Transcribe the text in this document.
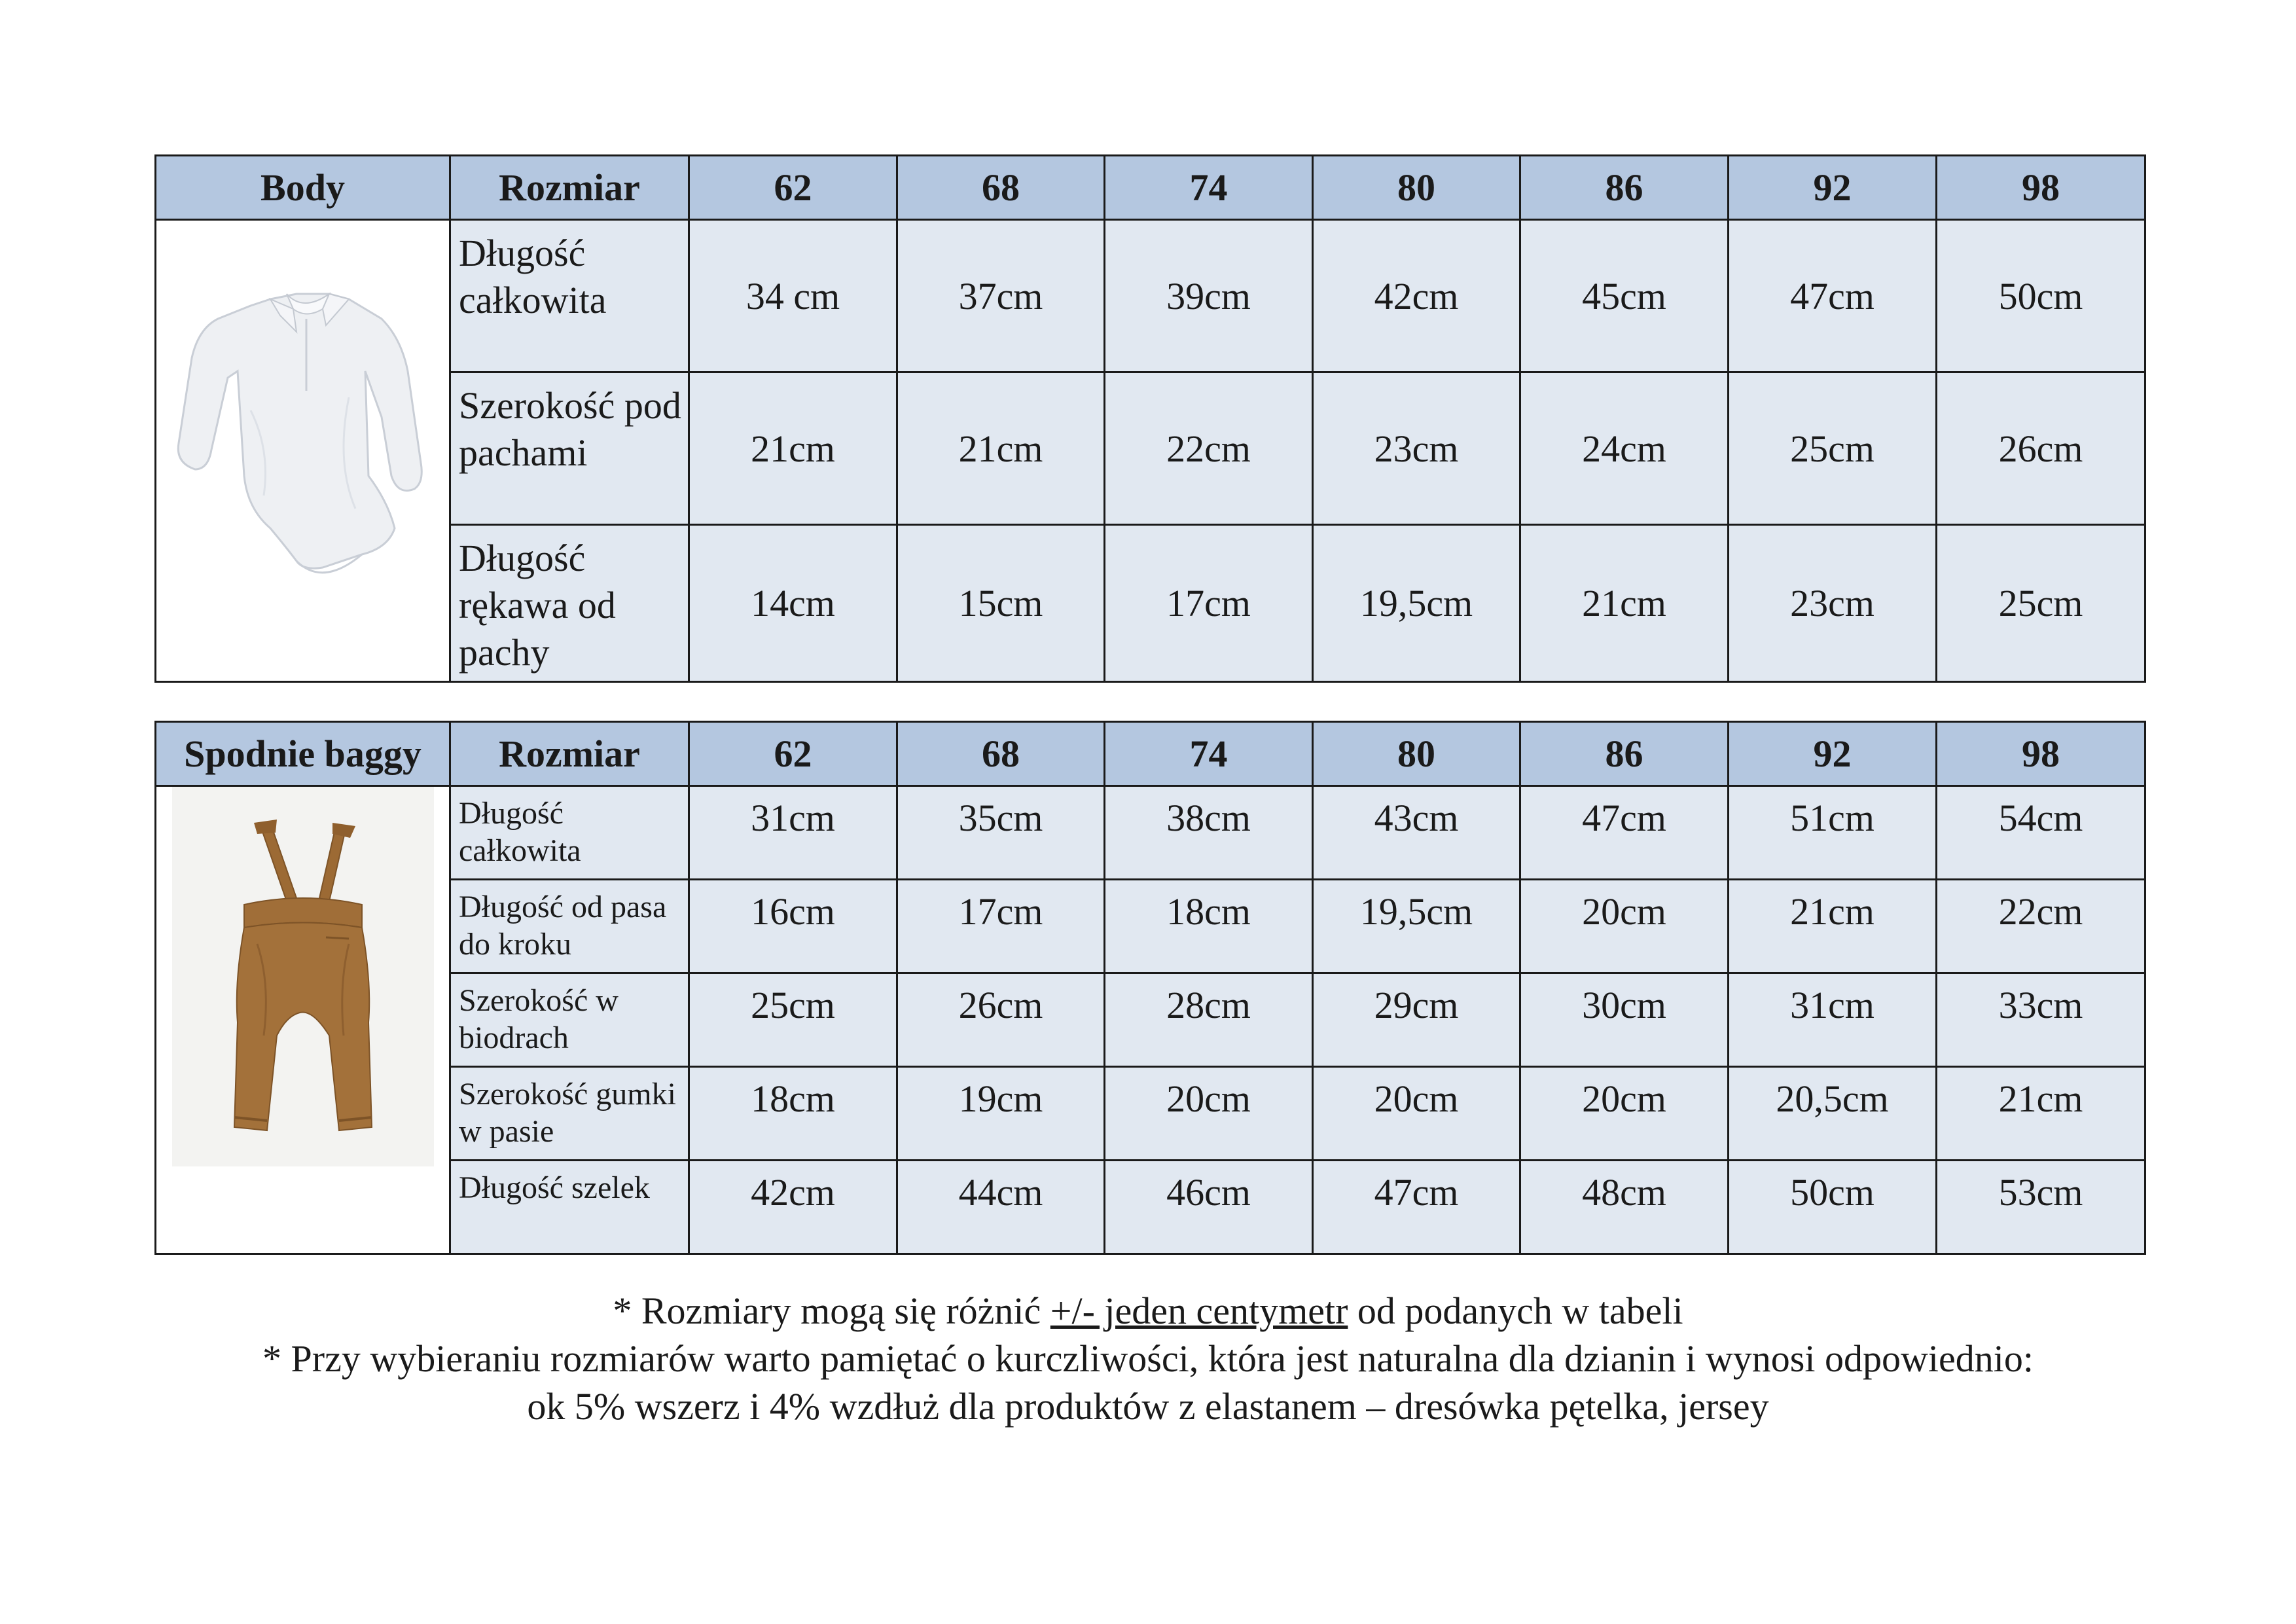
Body	Rozmiar	62	68	74	80	86	92	98

	Długość całkowita	34 cm	37cm	39cm	42cm	45cm	47cm	50cm
	Szerokość pod pachami	21cm	21cm	22cm	23cm	24cm	25cm	26cm
	Długość rękawa od pachy	14cm	15cm	17cm	19,5cm	21cm	23cm	25cm
Spodnie baggy	Rozmiar	62	68	74	80	86	92	98

	Długość całkowita	31cm	35cm	38cm	43cm	47cm	51cm	54cm
	Długość od pasa do kroku	16cm	17cm	18cm	19,5cm	20cm	21cm	22cm
	Szerokość w biodrach	25cm	26cm	28cm	29cm	30cm	31cm	33cm
	Szerokość gumki w pasie	18cm	19cm	20cm	20cm	20cm	20,5cm	21cm
	Długość szelek	42cm	44cm	46cm	47cm	48cm	50cm	53cm

* Rozmiary mogą się różnić +/- jeden centymetr od podanych w tabeli

* Przy wybieraniu rozmiarów warto pamiętać o kurczliwości, która jest naturalna dla dzianin i wynosi odpowiednio:

ok 5% wszerz i 4% wzdłuż dla produktów z elastanem – dresówka pętelka, jersey
